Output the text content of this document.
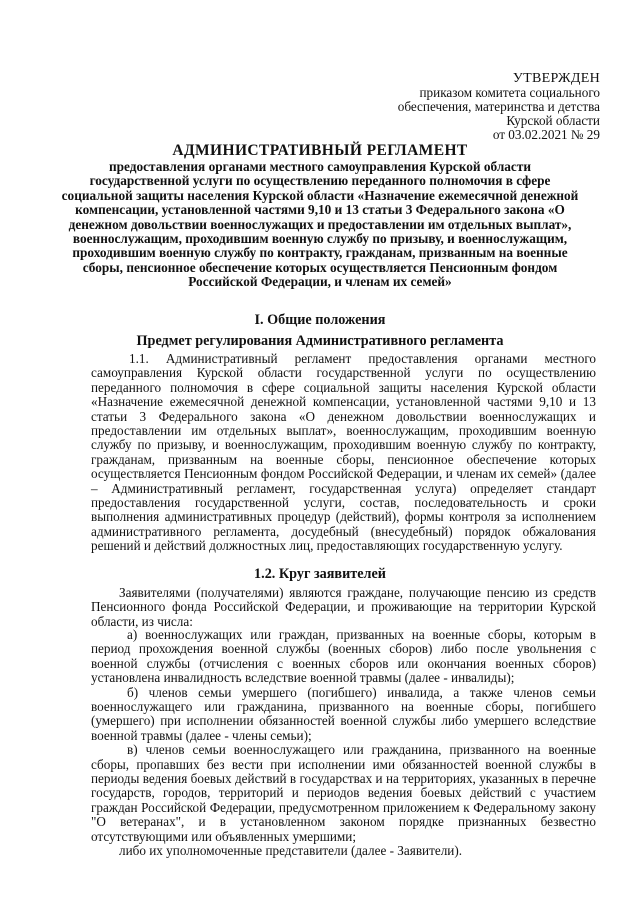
УТВЕРЖДЕН
приказом комитета социального
обеспечения, материнства и детства
Курской области
от 03.02.2021 № 29
АДМИНИСТРАТИВНЫЙ РЕГЛАМЕНТ
предоставления органами местного самоуправления Курской области государственной услуги по осуществлению переданного полномочия в сфере социальной защиты населения Курской области «Назначение ежемесячной денежной компенсации, установленной частями 9,10 и 13 статьи 3 Федерального закона «О денежном довольствии военнослужащих и предоставлении им отдельных выплат», военнослужащим, проходившим военную службу по призыву, и военнослужащим, проходившим военную службу по контракту, гражданам, призванным на военные сборы, пенсионное обеспечение которых осуществляется Пенсионным фондом Российской Федерации, и членам их семей»
I. Общие положения
Предмет регулирования Административного регламента

1.1. Административный регламент предоставления органами местного самоуправления Курской области государственной услуги по осуществлению переданного полномочия в сфере социальной защиты населения Курской области «Назначение ежемесячной денежной компенсации, установленной частями 9,10 и 13 статьи 3 Федерального закона «О денежном довольствии военнослужащих и предоставлении им отдельных выплат», военнослужащим, проходившим военную службу по призыву, и военнослужащим, проходившим военную службу по контракту, гражданам, призванным на военные сборы, пенсионное обеспечение которых осуществляется Пенсионным фондом Российской Федерации, и членам их семей» (далее – Административный регламент, государственная услуга) определяет стандарт предоставления государственной услуги, состав, последовательность и сроки выполнения административных процедур (действий), формы контроля за исполнением административного регламента, досудебный (внесудебный) порядок обжалования решений и действий должностных лиц, предоставляющих государственную услугу.

1.2. Круг заявителей

Заявителями (получателями) являются граждане, получающие пенсию из средств Пенсионного фонда Российской Федерации, и проживающие на территории Курской области, из числа:

а) военнослужащих или граждан, призванных на военные сборы, которым в период прохождения военной службы (военных сборов) либо после увольнения с военной службы (отчисления с военных сборов или окончания военных сборов) установлена инвалидность вследствие военной травмы (далее - инвалиды);

б) членов семьи умершего (погибшего) инвалида, а также членов семьи военнослужащего или гражданина, призванного на военные сборы, погибшего (умершего) при исполнении обязанностей военной службы либо умершего вследствие военной травмы (далее - члены семьи);

в) членов семьи военнослужащего или гражданина, призванного на военные сборы, пропавших без вести при исполнении ими обязанностей военной службы в периоды ведения боевых действий в государствах и на территориях, указанных в перечне государств, городов, территорий и периодов ведения боевых действий с участием граждан Российской Федерации, предусмотренном приложением к Федеральному закону "О ветеранах", и в установленном законом порядке признанных безвестно отсутствующими или объявленных умершими;

либо их уполномоченные представители (далее - Заявители).
